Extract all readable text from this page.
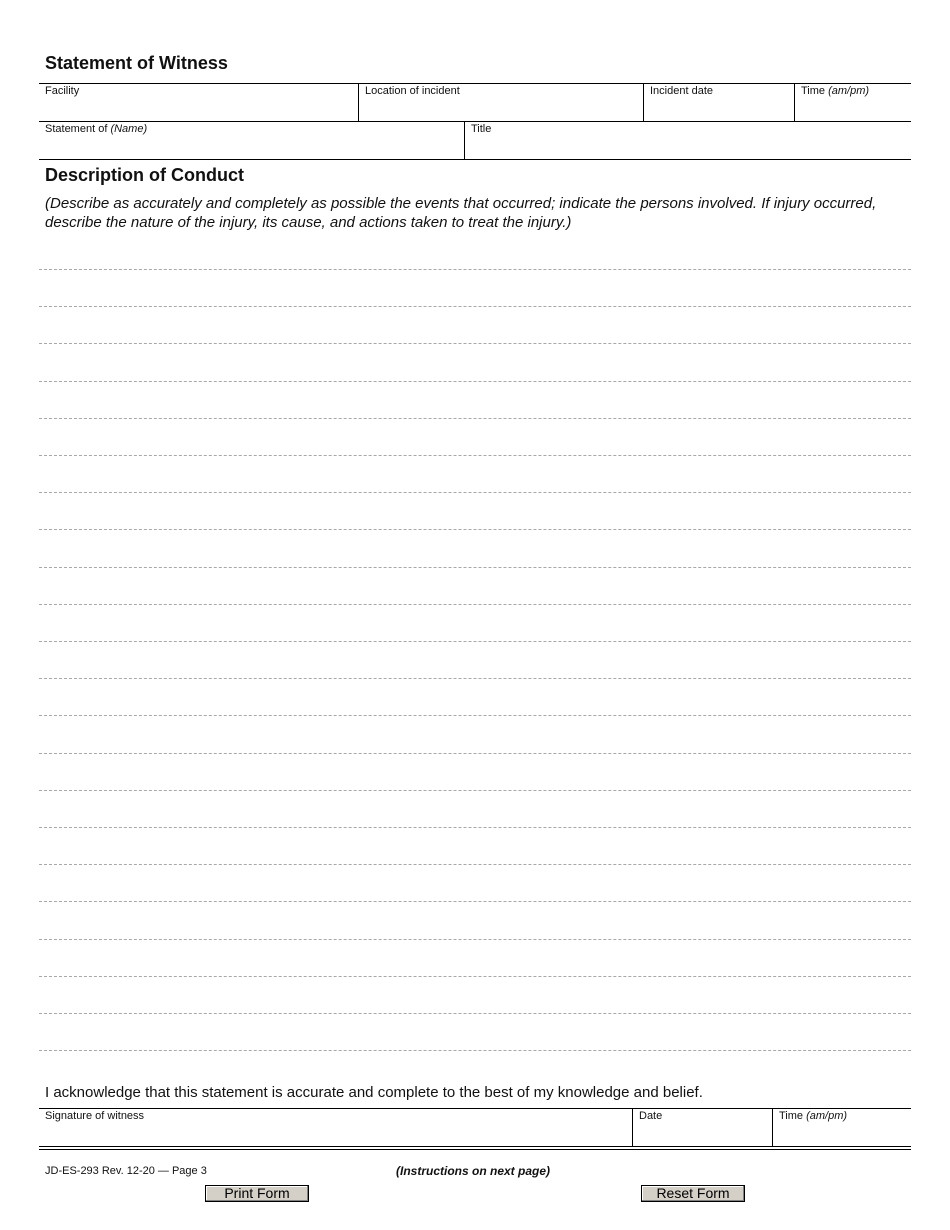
Statement of Witness
Facility	Location of incident	Incident date	Time (am/pm)
Statement of (Name)	Title
Description of Conduct

(Describe as accurately and completely as possible the events that occurred; indicate the persons involved. If injury occurred, describe the nature of the injury, its cause, and actions taken to treat the injury.)

I acknowledge that this statement is accurate and complete to the best of my knowledge and belief.

Signature of witness	Date	Time (am/pm)
JD-ES-293 Rev. 12-20 — Page 3	(Instructions on next page)
Print Form	Reset Form
